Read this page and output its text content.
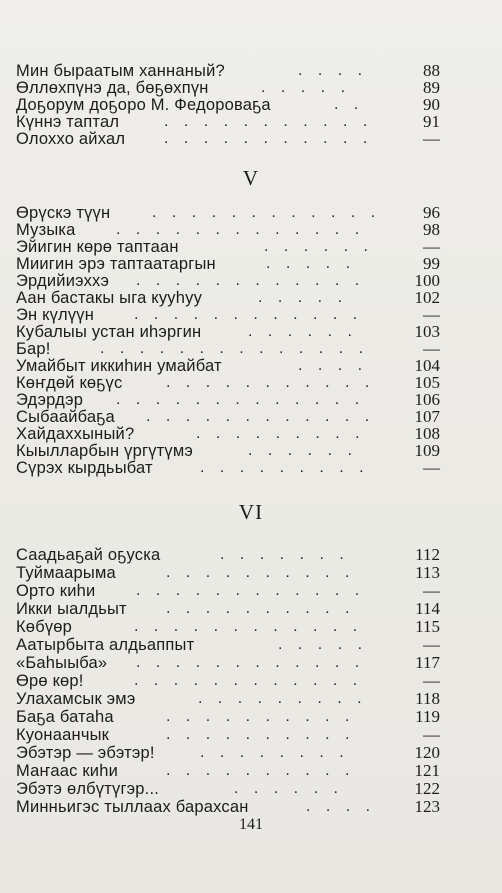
Мин быраатым ханнаный?	. . . .	88
Өллөхпүнэ да, бөҕөхпүн	. . . . .	89
Доҕорум доҕоро М. Федороваҕа	. .	90
Күннэ таптал	. . . . . . . . . . .	91
Олоххо айхал . . . . . . . . . . .	—
V
Өрүскэ түүн	. . . . . . . . . . . .	96
Музыка	. . . . . . . . . . . . .	98
Эйигин көрө таптаан	. . . . . .	—
Миигин эрэ таптаатаргын	. . . . .	99
Эрдийиэххэ . . . . . . . . . . . .	100
Аан бастакы ыга кууһуу	. . . . .	102
Эн күлүүн . . . . . . . . . . . .	—
Кубалыы устан иһэргин	. . . . . .	103
Бар!	. . . . . . . . . . . . . .	—
Умайбыт иккиһин умайбат	. . . .	104
Көҥдөй көҕүс	. . . . . . . . . . .	105
Эдэрдэр . . . . . . . . . . . . .	106
Сыбаайбаҕа . . . . . . . . . . . .	107
Хайдаххыный?	. . . . . . . . .	108
Кыылларбын үргүтүмэ	. . . . . .	109
Сүрэх кырдьыбат	. . . . . . . . .	—
VI
Саадьаҕай оҕуска	. . . . . . .	112
Туймаарыма	. . . . . . . . . .	113
Орто киһи	. . . . . . . . . . . .	—
Икки ыалдьыт . . . . . . . . . .	114
Көбүөр	. . . . . . . . . . . .	115
Аатырбыта алдьаппыт	. . . . .	—
«Баһыыба» . . . . . . . . . . . .	117
Өрө көр!	. . . . . . . . . . . .	—
Улахамсык эмэ	. . . . . . . . .	118
Баҕа батаһа	. . . . . . . . . .	119
Куонаанчык	. . . . . . . . . .	—
Эбэтэр — эбэтэр!	. . . . . . . .	120
Маҥаас киһи	. . . . . . . . . .	121
Эбэтэ өлбүтүгэр...	. . . . . .	122
Минньигэс тыллаах барахсан	. . . .	123
141
